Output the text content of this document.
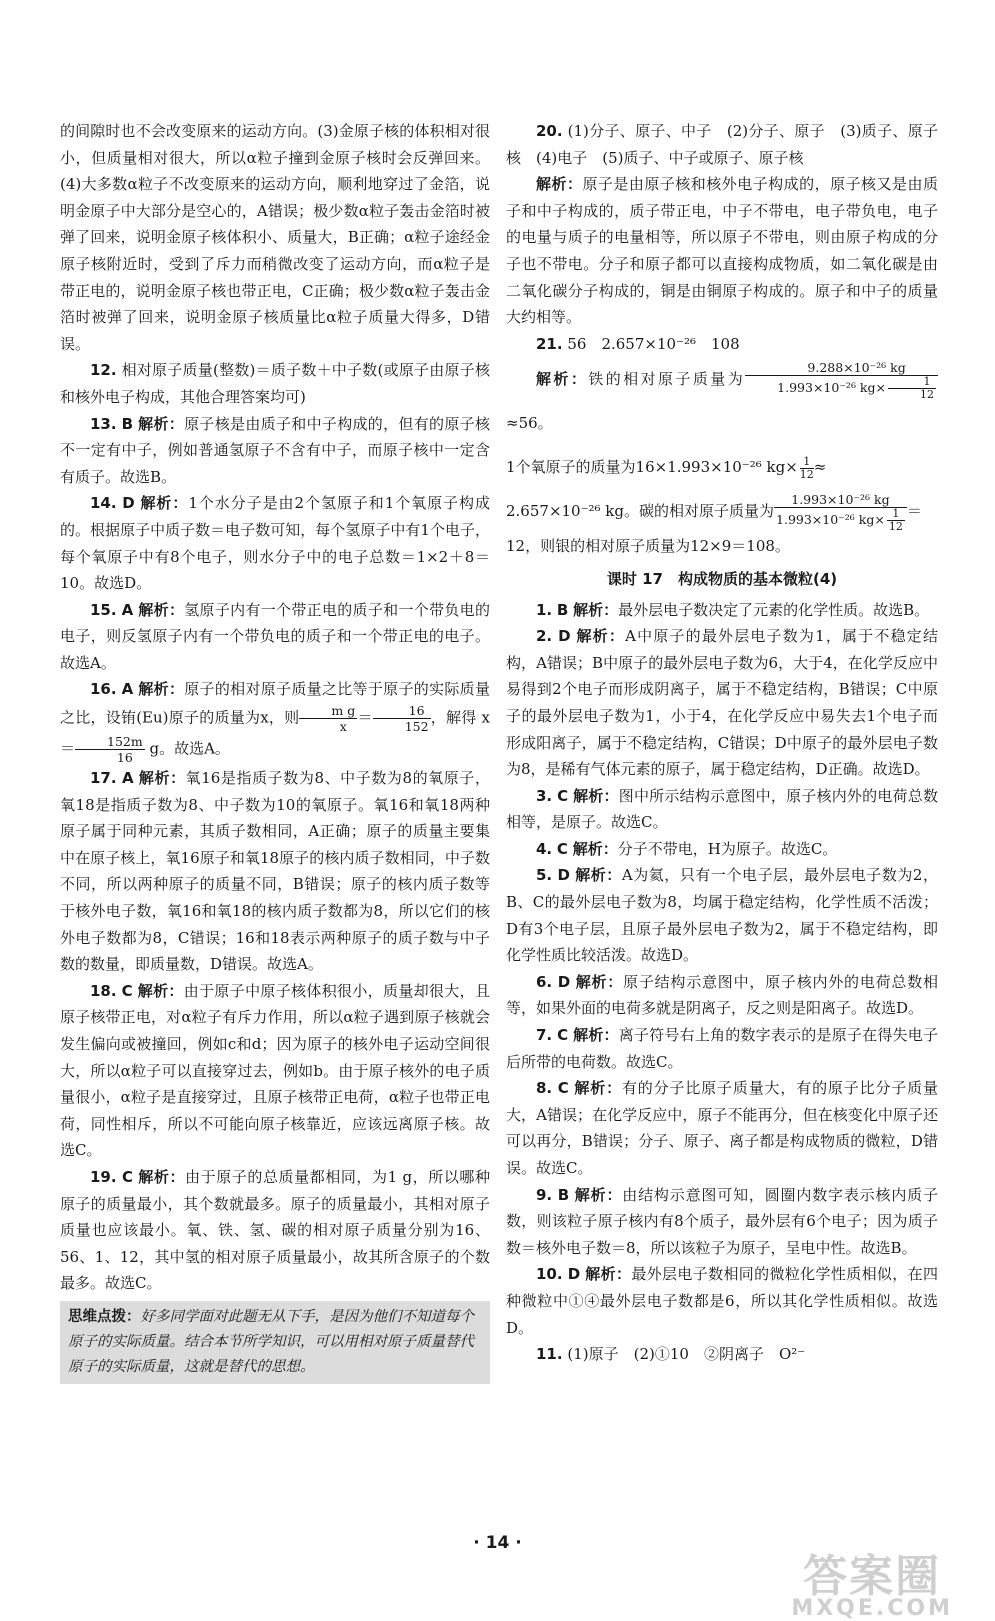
的间隙时也不会改变原来的运动方向。(3)金原子核的体积相对很小，但质量相对很大，所以α粒子撞到金原子核时会反弹回来。(4)大多数α粒子不改变原来的运动方向，顺利地穿过了金箔，说明金原子中大部分是空心的，A错误；极少数α粒子轰击金箔时被弹了回来，说明金原子核体积小、质量大，B正确；α粒子途经金原子核附近时，受到了斥力而稍微改变了运动方向，而α粒子是带正电的，说明金原子核也带正电，C正确；极少数α粒子轰击金箔时被弹了回来，说明金原子核质量比α粒子质量大得多，D错误。

12. 相对原子质量(整数)＝质子数＋中子数(或原子由原子核和核外电子构成，其他合理答案均可)

13. B 解析：原子核是由质子和中子构成的，但有的原子核不一定有中子，例如普通氢原子不含有中子，而原子核中一定含有质子。故选B。

14. D 解析：1个水分子是由2个氢原子和1个氧原子构成的。根据原子中质子数＝电子数可知，每个氢原子中有1个电子，每个氧原子中有8个电子，则水分子中的电子总数＝1×2＋8＝10。故选D。

15. A 解析：氢原子内有一个带正电的质子和一个带负电的电子，则反氢原子内有一个带负电的质子和一个带正电的电子。故选A。

16. A 解析：原子的相对原子质量之比等于原子的实际质量之比，设铕(Eu)原子的质量为x，则 $\frac{\text{m g}}{x} = \frac{16}{152}$ ，解得 $x= \frac{152m}{16}$ g。故选A。

17. A 解析：氧16是指质子数为8、中子数为8的氧原子，氧18是指质子数为8、中子数为10的氧原子。氧16和氧18两种原子属于同种元素，其质子数相同，A正确；原子的质量主要集中在原子核上，氧16原子和氧18原子的核内质子数相同，中子数不同，所以两种原子的质量不同，B错误；原子的核内质子数等于核外电子数，氧16和氧18的核内质子数都为8，所以它们的核外电子数都为8，C错误；16和18表示两种原子的质子数与中子数的数量，即质量数，D错误。故选A。

18. C 解析：由于原子中原子核体积很小，质量却很大，且原子核带正电，对α粒子有斥力作用，所以α粒子遇到原子核就会发生偏向或被撞回，例如c和d；因为原子的核外电子运动空间很大，所以α粒子可以直接穿过去，例如b。由于原子核外的电子质量很小，α粒子是直接穿过，且原子核带正电荷，α粒子也带正电荷，同性相斥，所以不可能向原子核靠近，应该远离原子核。故选C。

19. C 解析：由于原子的总质量都相同，为1 g，所以哪种原子的质量最小，其个数就最多。原子的质量最小，其相对原子质量也应该最小。氧、铁、氢、碳的相对原子质量分别为16、56、1、12，其中氢的相对原子质量最小，故其所含原子的个数最多。故选C。

思维点拨：好多同学面对此题无从下手，是因为他们不知道每个原子的实际质量。结合本节所学知识，可以用相对原子质量替代原子的实际质量，这就是替代的思想。

20. (1)分子、原子、中子　(2)分子、原子　(3)质子、原子核　(4)电子　(5)质子、中子或原子、原子核

解析：原子是由原子核和核外电子构成的，原子核又是由质子和中子构成的，质子带正电，中子不带电，电子带负电，电子的电量与质子的电量相等，所以原子不带电，则由原子构成的分子也不带电。分子和原子都可以直接构成物质，如二氧化碳是由二氧化碳分子构成的，铜是由铜原子构成的。原子和中子的质量大约相等。

21. 56　2.657×10⁻²⁶　108

解析：铁的相对原子质量为 $\frac{\text{9.288×10⁻²⁶ kg}}{1.993\times 10^{-26} kg\times \frac{1}{12}}$
≈56。

1个氧原子的质量为16×1.993×10⁻²⁶ $kg\times \frac{1}{12}\approx$

2.657×10⁻²⁶ kg。碳的相对原子质量为 $\frac{\text{1.993×10⁻²⁶ kg}}{1.993\times 10^{-26} kg\times \frac{1}{12}}$ ＝

12，则银的相对原子质量为12×9＝108。

课时 17　构成物质的基本微粒(4)

1. B 解析：最外层电子数决定了元素的化学性质。故选B。

2. D 解析：A中原子的最外层电子数为1，属于不稳定结构，A错误；B中原子的最外层电子数为6，大于4，在化学反应中易得到2个电子而形成阴离子，属于不稳定结构，B错误；C中原子的最外层电子数为1，小于4，在化学反应中易失去1个电子而形成阳离子，属于不稳定结构，C错误；D中原子的最外层电子数为8，是稀有气体元素的原子，属于稳定结构，D正确。故选D。

3. C 解析：图中所示结构示意图中，原子核内外的电荷总数相等，是原子。故选C。

4. C 解析：分子不带电，H为原子。故选C。

5. D 解析：A为氦，只有一个电子层，最外层电子数为2，B、C的最外层电子数为8，均属于稳定结构，化学性质不活泼；D有3个电子层，且原子最外层电子数为2，属于不稳定结构，即化学性质比较活泼。故选D。

6. D 解析：原子结构示意图中，原子核内外的电荷总数相等，如果外面的电荷多就是阴离子，反之则是阳离子。故选D。

7. C 解析：离子符号右上角的数字表示的是原子在得失电子后所带的电荷数。故选C。

8. C 解析：有的分子比原子质量大，有的原子比分子质量大，A错误；在化学反应中，原子不能再分，但在核变化中原子还可以再分，B错误；分子、原子、离子都是构成物质的微粒，D错误。故选C。

9. B 解析：由结构示意图可知，圆圈内数字表示核内质子数，则该粒子原子核内有8个质子，最外层有6个电子；因为质子数＝核外电子数＝8，所以该粒子为原子，呈电中性。故选B。

10. D 解析：最外层电子数相同的微粒化学性质相似，在四种微粒中①④最外层电子数都是6，所以其化学性质相似。故选D。

11. (1)原子　(2)①10　②阴离子　O²⁻

· 14 ·
答案圈
MXQE.COM
